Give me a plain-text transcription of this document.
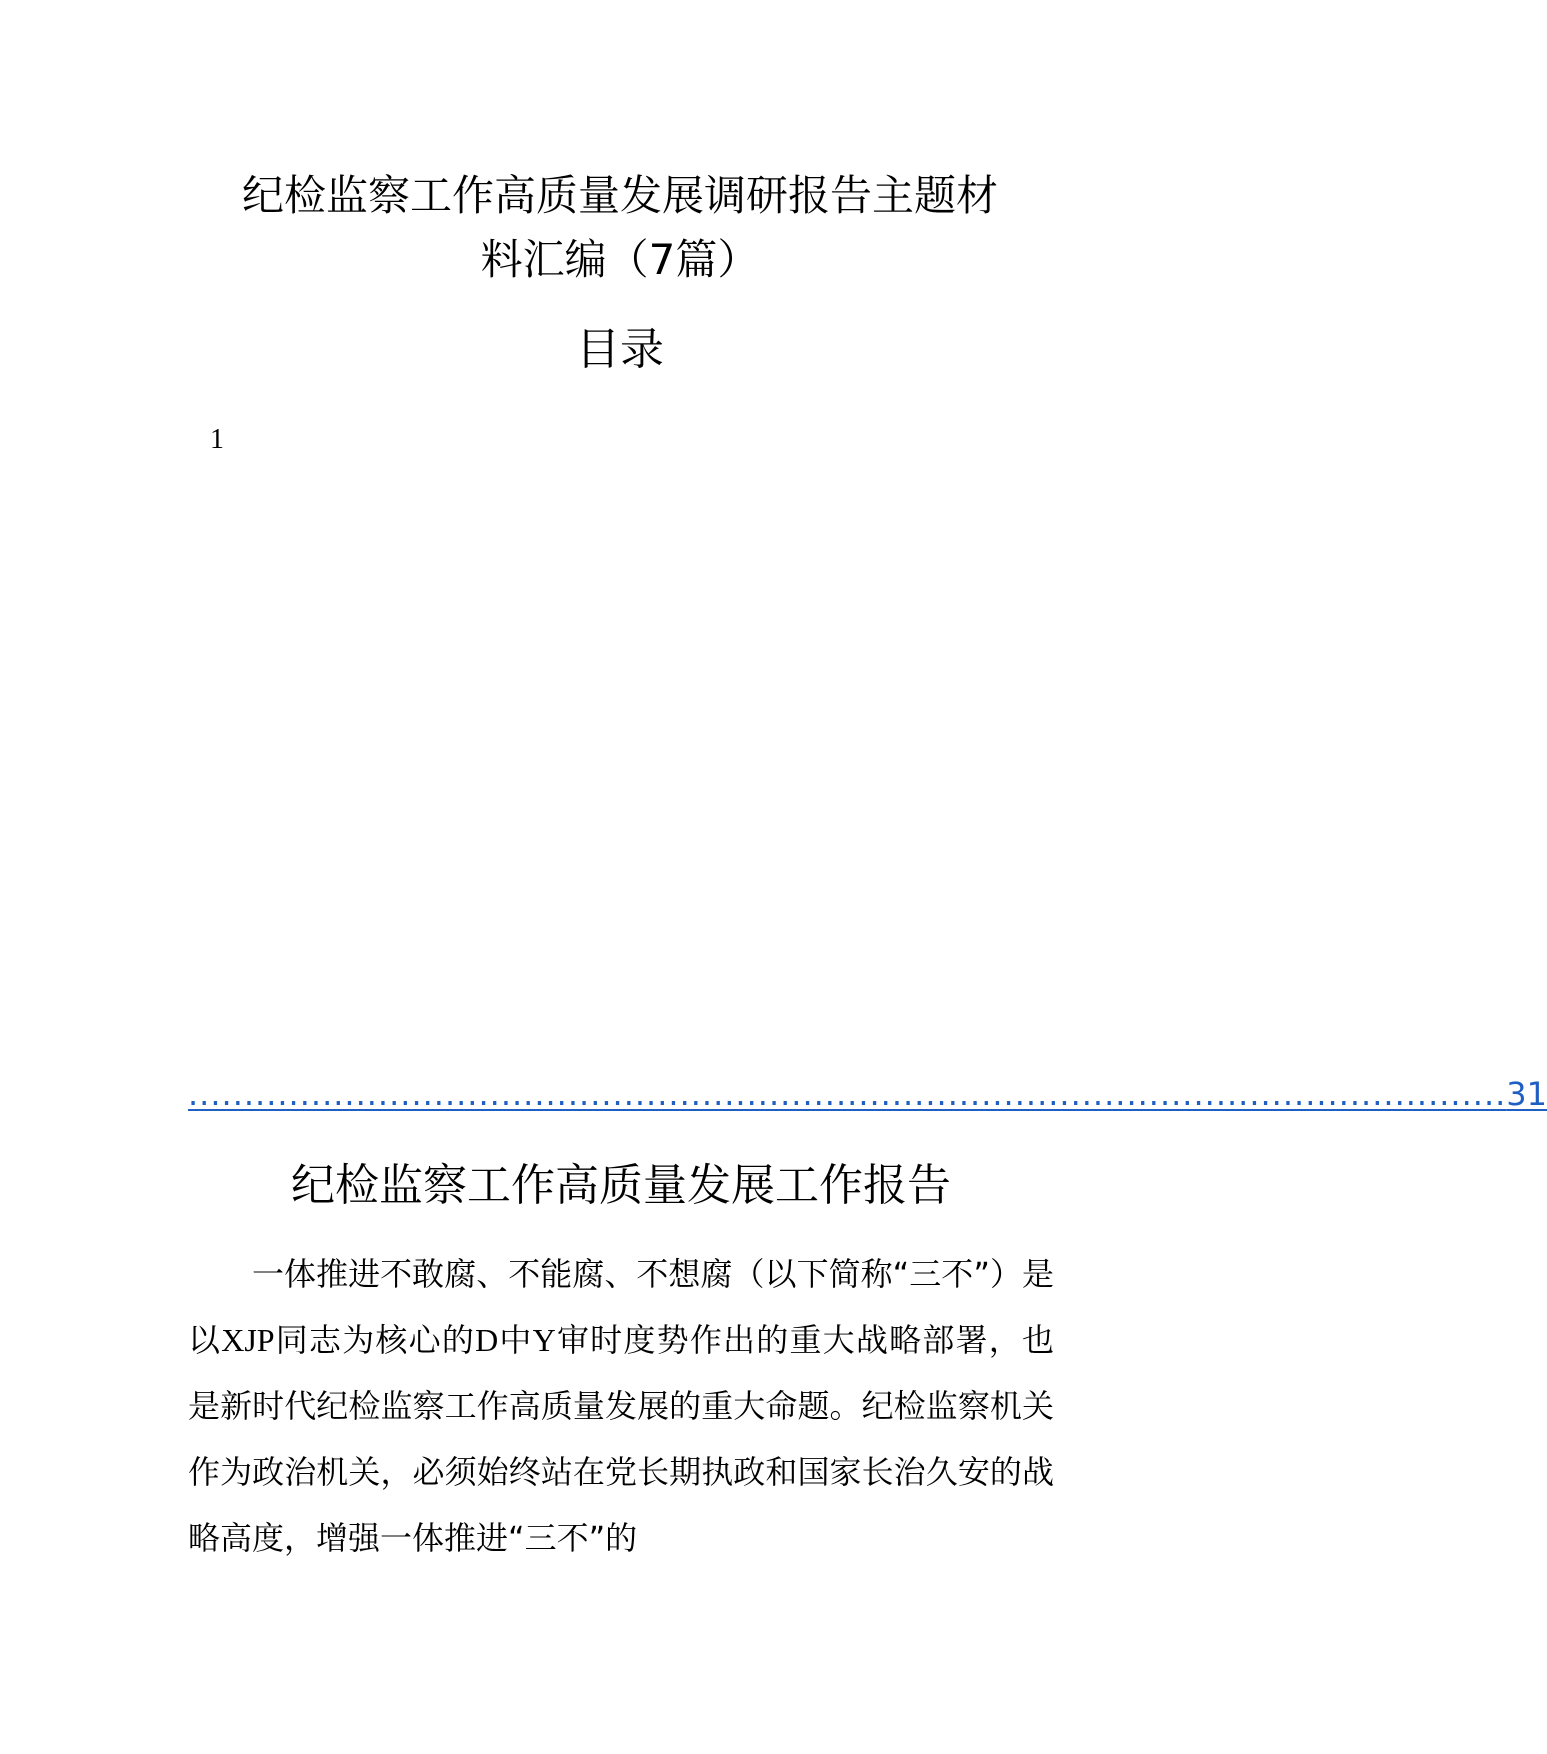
纪检监察工作高质量发展调研报告主题材
料汇编（7篇）
目录
1
...................................................................................................................... 31
纪检监察工作高质量发展工作报告

一体推进不敢腐、不能腐、不想腐（以下简称“三不”）是以XJP同志为核心的D中Y审时度势作出的重大战略部署，也是新时代纪检监察工作高质量发展的重大命题。纪检监察机关作为政治机关，必须始终站在党长期执政和国家长治久安的战略高度，增强一体推进“三不”的
